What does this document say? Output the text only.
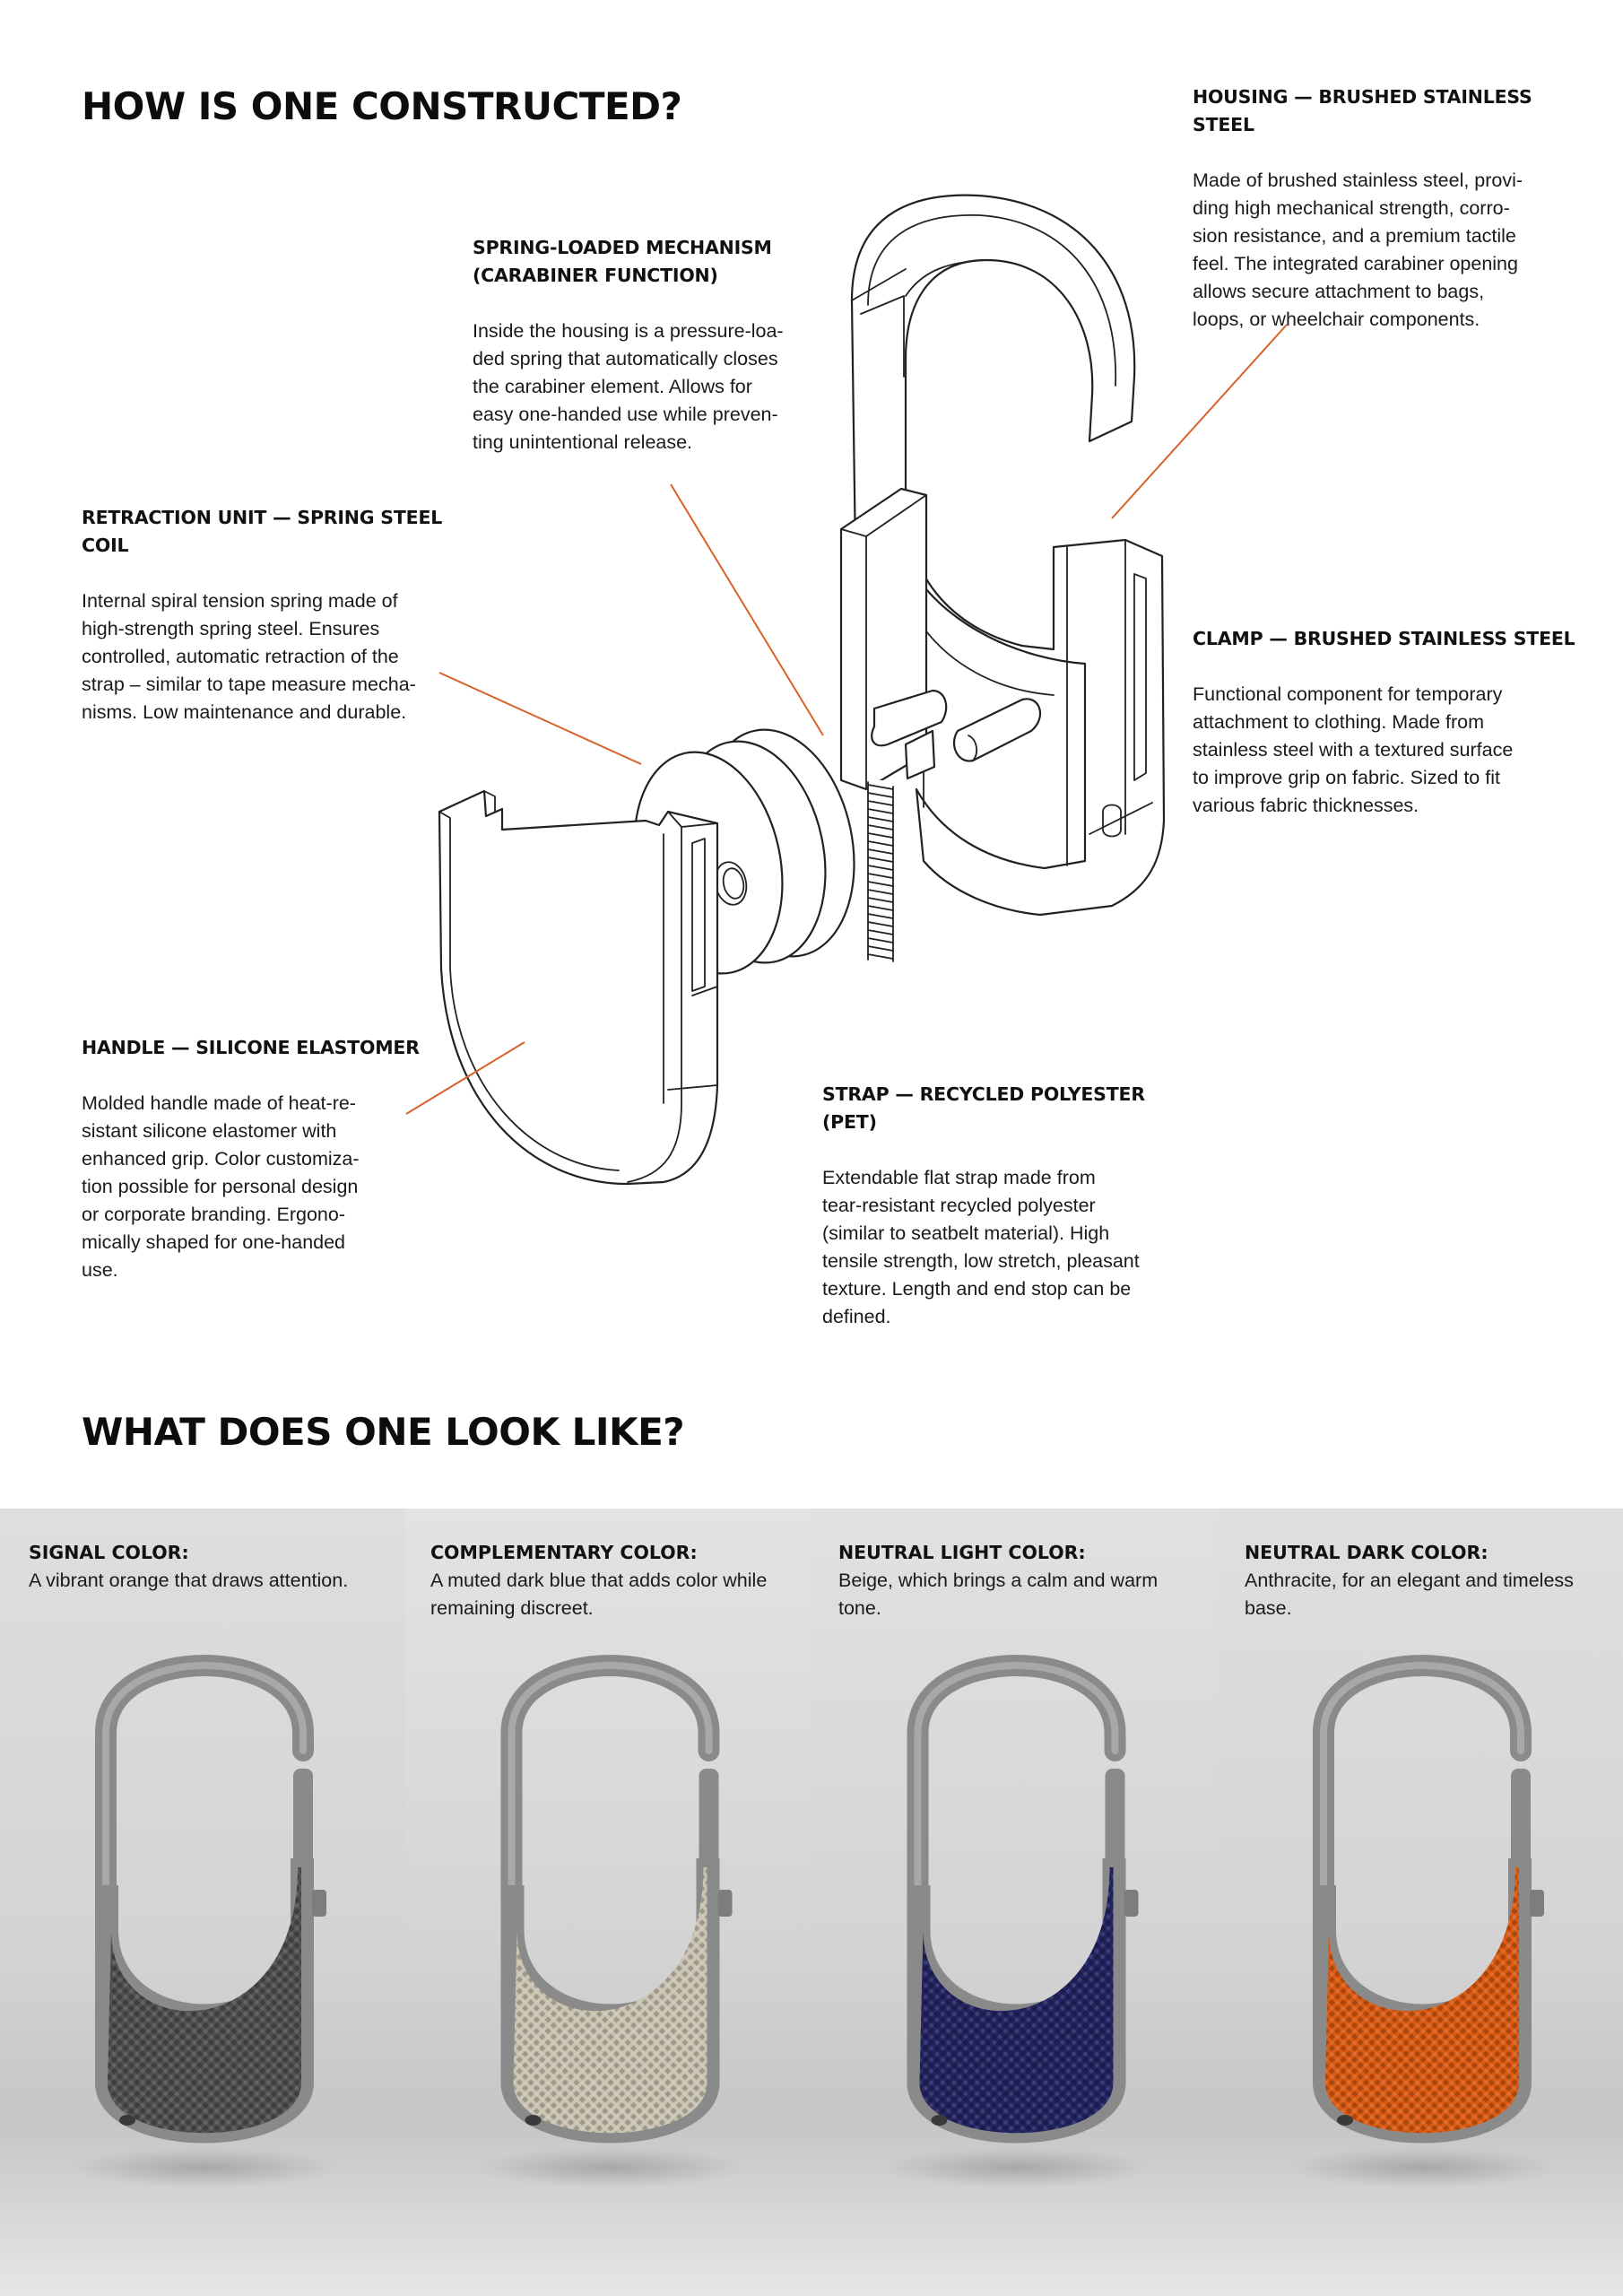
HOW IS ONE CONSTRUCTED?	HOUSING — BRUSHED STAINLESS STEEL

Made of brushed stainless steel, provi-
ding high mechanical strength, corro-
sion resistance, and a premium tactile
feel. The integrated carabiner opening
allows secure attachment to bags,
loops, or wheelchair components.

SPRING-LOADED MECHANISM
(CARABINER FUNCTION)

Inside the housing is a pressure-loa-
ded spring that automatically closes
the carabiner element. Allows for
easy one-handed use while preven-
ting unintentional release.

RETRACTION UNIT — SPRING STEEL COIL

Internal spiral tension spring made of
high-strength spring steel. Ensures
controlled, automatic retraction of the
strap – similar to tape measure mecha-
nisms. Low maintenance and durable.

CLAMP — BRUSHED STAINLESS STEEL

Functional component for temporary
attachment to clothing. Made from
stainless steel with a textured surface
to improve grip on fabric. Sized to fit
various fabric thicknesses.

HANDLE — SILICONE ELASTOMER

Molded handle made of heat-re-
sistant silicone elastomer with
enhanced grip. Color customiza-
tion possible for personal design
or corporate branding. Ergono-
mically shaped for one-handed
use.

STRAP — RECYCLED POLYESTER (PET)

Extendable flat strap made from
tear-resistant recycled polyester
(similar to seatbelt material). High
tensile strength, low stretch, pleasant
texture. Length and end stop can be
defined.

WHAT DOES ONE LOOK LIKE?

SIGNAL COLOR:

A vibrant orange that draws attention.

COMPLEMENTARY COLOR:

A muted dark blue that adds color while
remaining discreet.

NEUTRAL LIGHT COLOR:

Beige, which brings a calm and warm
tone.

NEUTRAL DARK COLOR:

Anthracite, for an elegant and timeless
base.
